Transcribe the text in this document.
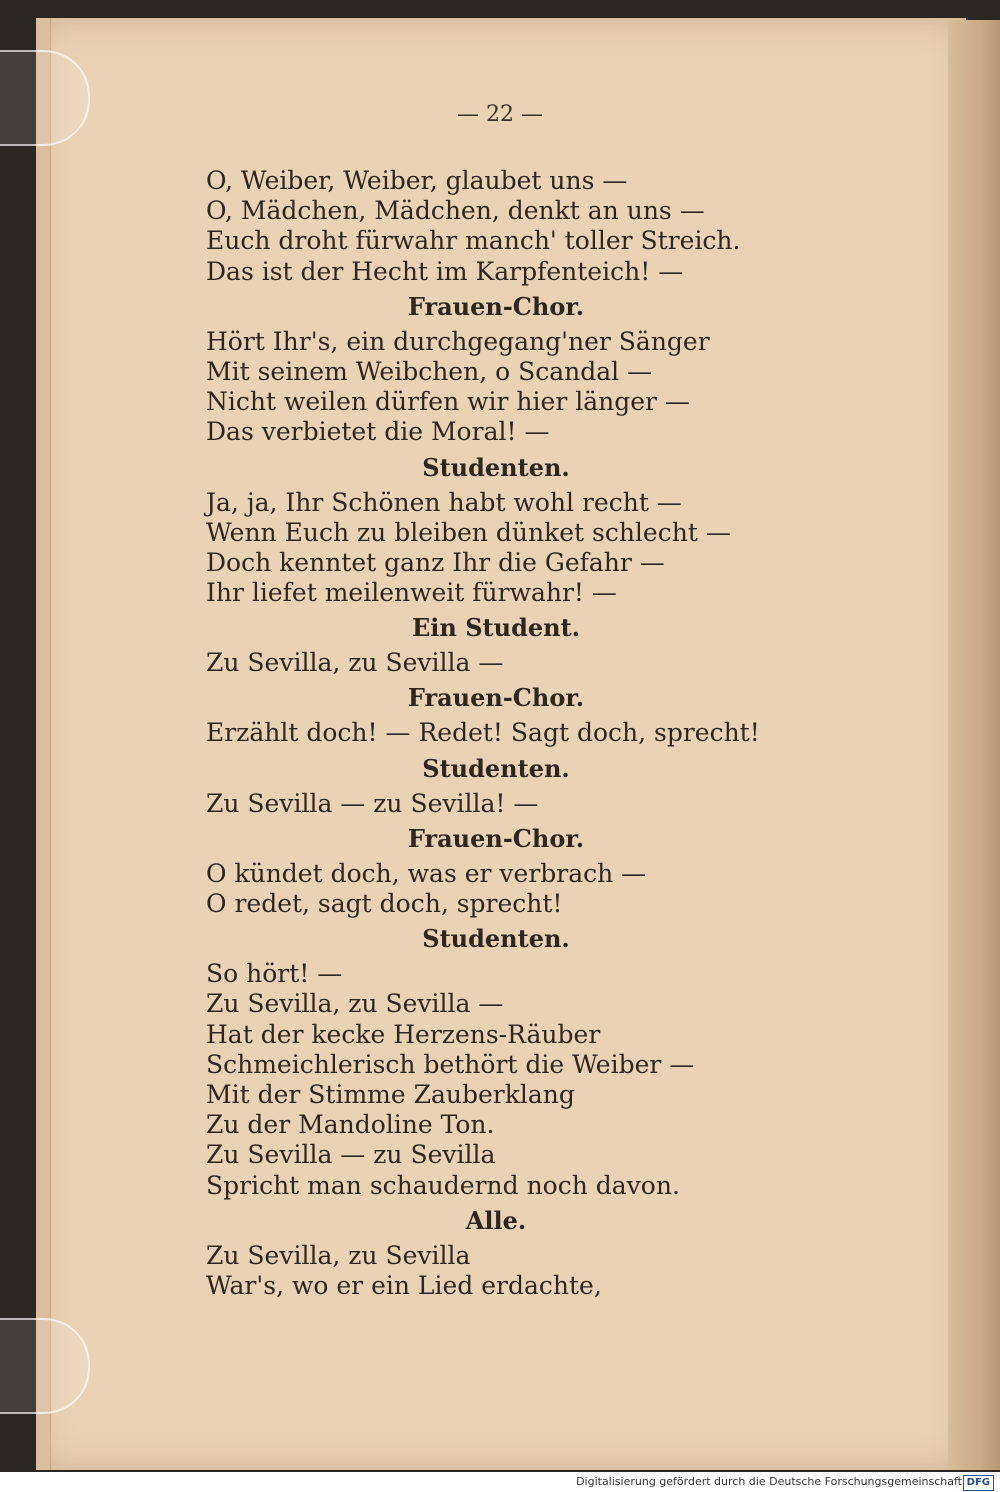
— 22 —
O, Weiber, Weiber, glaubet uns —
O, Mädchen, Mädchen, denkt an uns —
Euch droht fürwahr manch' toller Streich.
Das ist der Hecht im Karpfenteich! —
Frauen-Chor.
Hört Ihr's, ein durchgegang'ner Sänger
Mit seinem Weibchen, o Scandal —
Nicht weilen dürfen wir hier länger —
Das verbietet die Moral! —
Studenten.
Ja, ja, Ihr Schönen habt wohl recht —
Wenn Euch zu bleiben dünket schlecht —
Doch kenntet ganz Ihr die Gefahr —
Ihr liefet meilenweit fürwahr! —
Ein Student.
Zu Sevilla, zu Sevilla —
Frauen-Chor.
Erzählt doch! — Redet! Sagt doch, sprecht!
Studenten.
Zu Sevilla — zu Sevilla! —
Frauen-Chor.
O kündet doch, was er verbrach —
O redet, sagt doch, sprecht!
Studenten.
So hört! —
Zu Sevilla, zu Sevilla —
Hat der kecke Herzens-Räuber
Schmeichlerisch bethört die Weiber —
Mit der Stimme Zauberklang
Zu der Mandoline Ton.
Zu Sevilla — zu Sevilla
Spricht man schaudernd noch davon.
Alle.
Zu Sevilla, zu Sevilla
War's, wo er ein Lied erdachte,
Digitalisierung gefördert durch die Deutsche Forschungsgemeinschaft DFG
